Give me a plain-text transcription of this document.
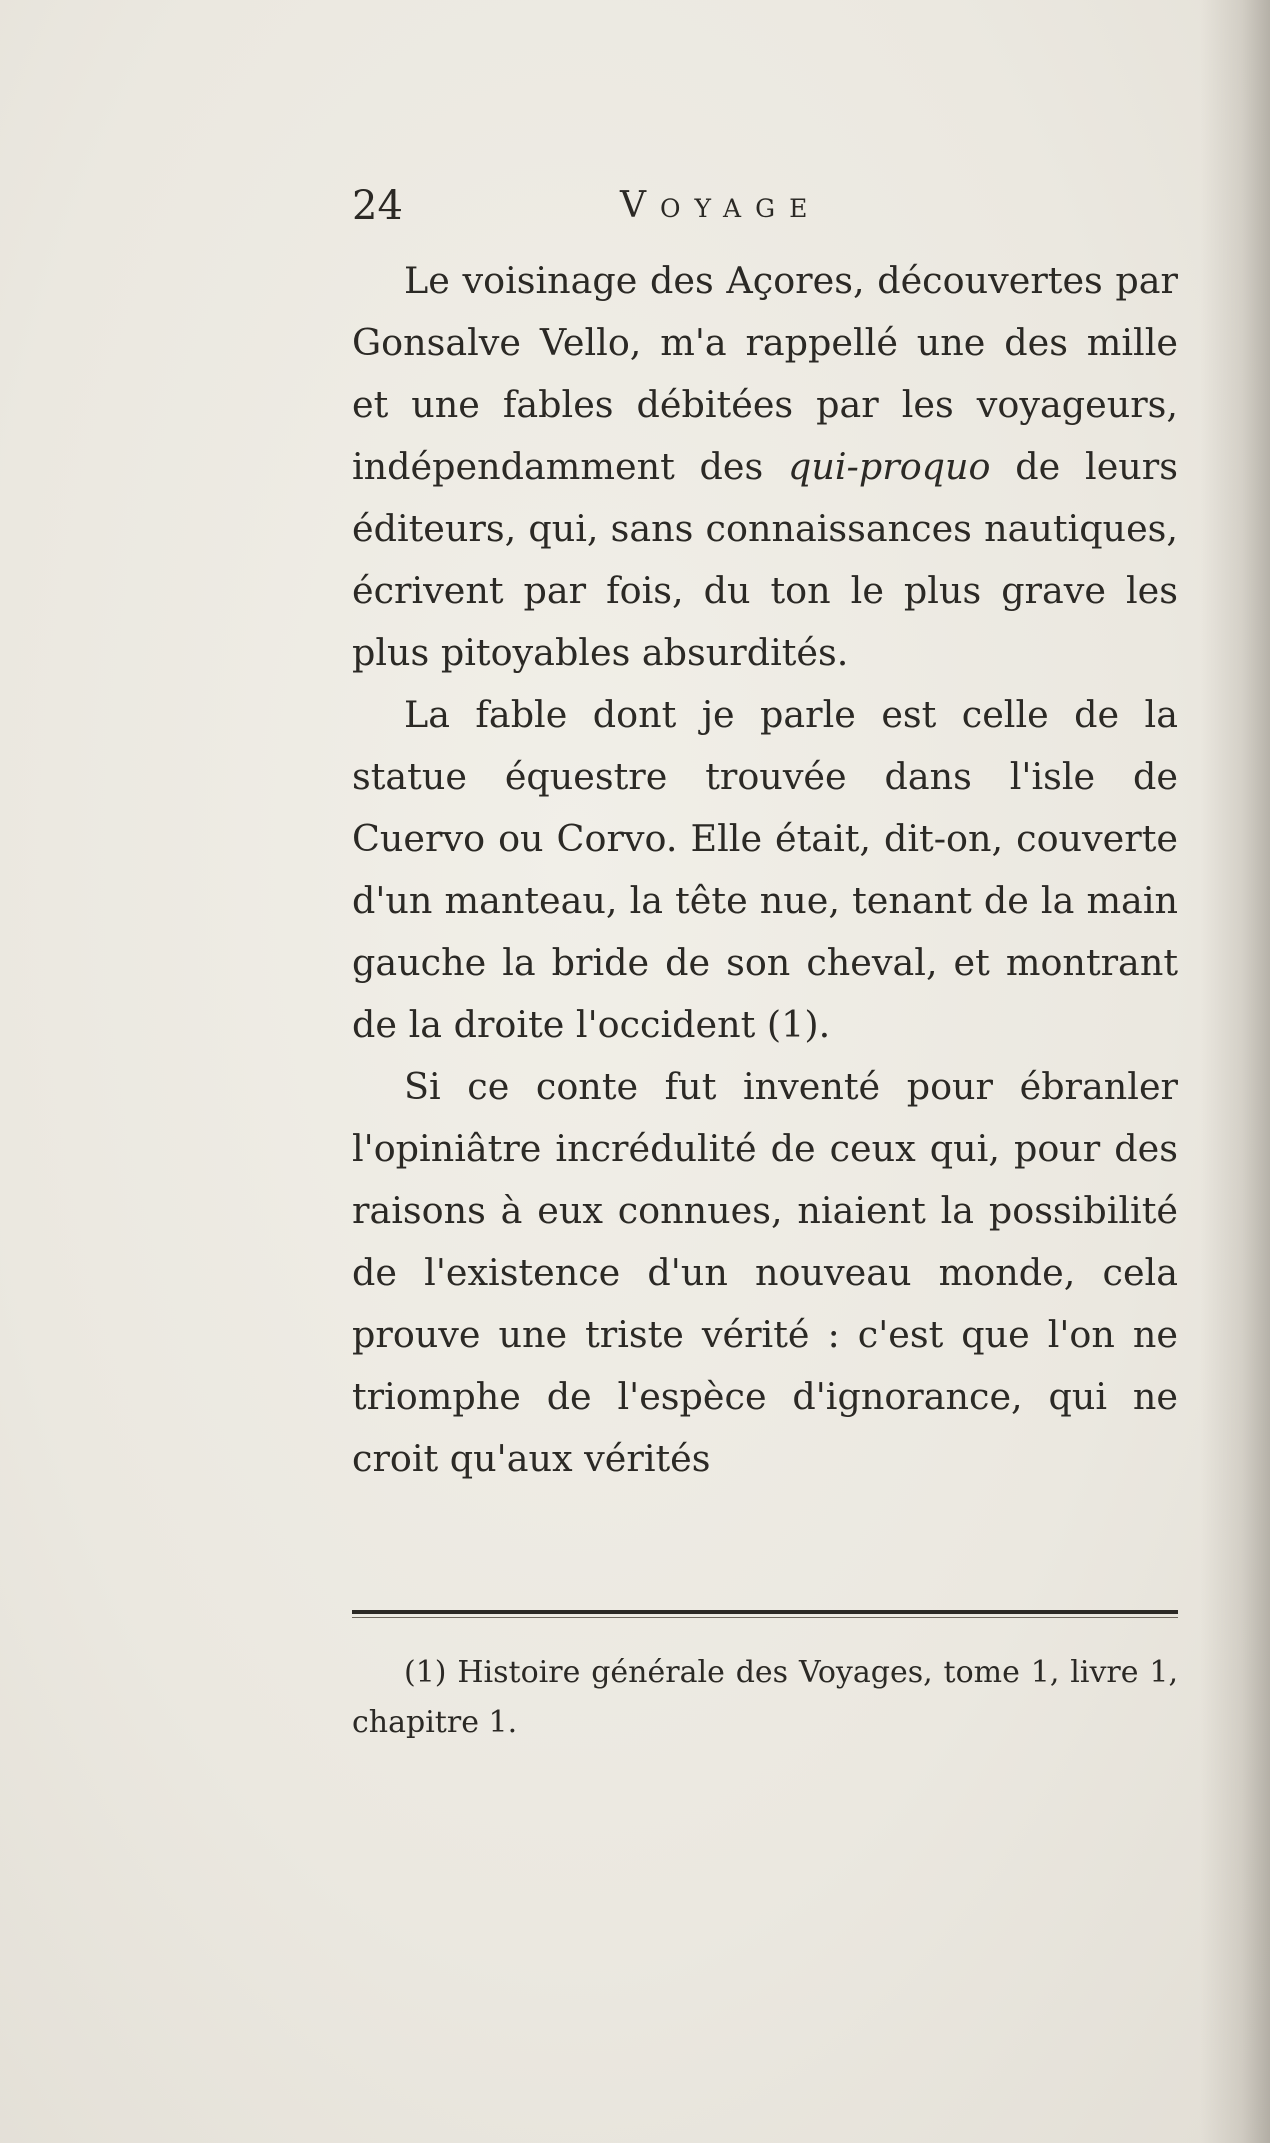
24	Voyage

Le voisinage des Açores, découvertes par Gonsalve Vello, m'a rappellé une des mille et une fables débitées par les voyageurs, indépendamment des qui-proquo de leurs éditeurs, qui, sans connaissances nautiques, écrivent par fois, du ton le plus grave les plus pitoyables absurdités.

La fable dont je parle est celle de la statue équestre trouvée dans l'isle de Cuervo ou Corvo. Elle était, dit-on, couverte d'un manteau, la tête nue, tenant de la main gauche la bride de son cheval, et montrant de la droite l'occident (1).

Si ce conte fut inventé pour ébranler l'opiniâtre incrédulité de ceux qui, pour des raisons à eux connues, niaient la possibilité de l'existence d'un nouveau monde, cela prouve une triste vérité : c'est que l'on ne triomphe de l'espèce d'ignorance, qui ne croit qu'aux vérités

(1) Histoire générale des Voyages, tome 1, livre 1, chapitre 1.
